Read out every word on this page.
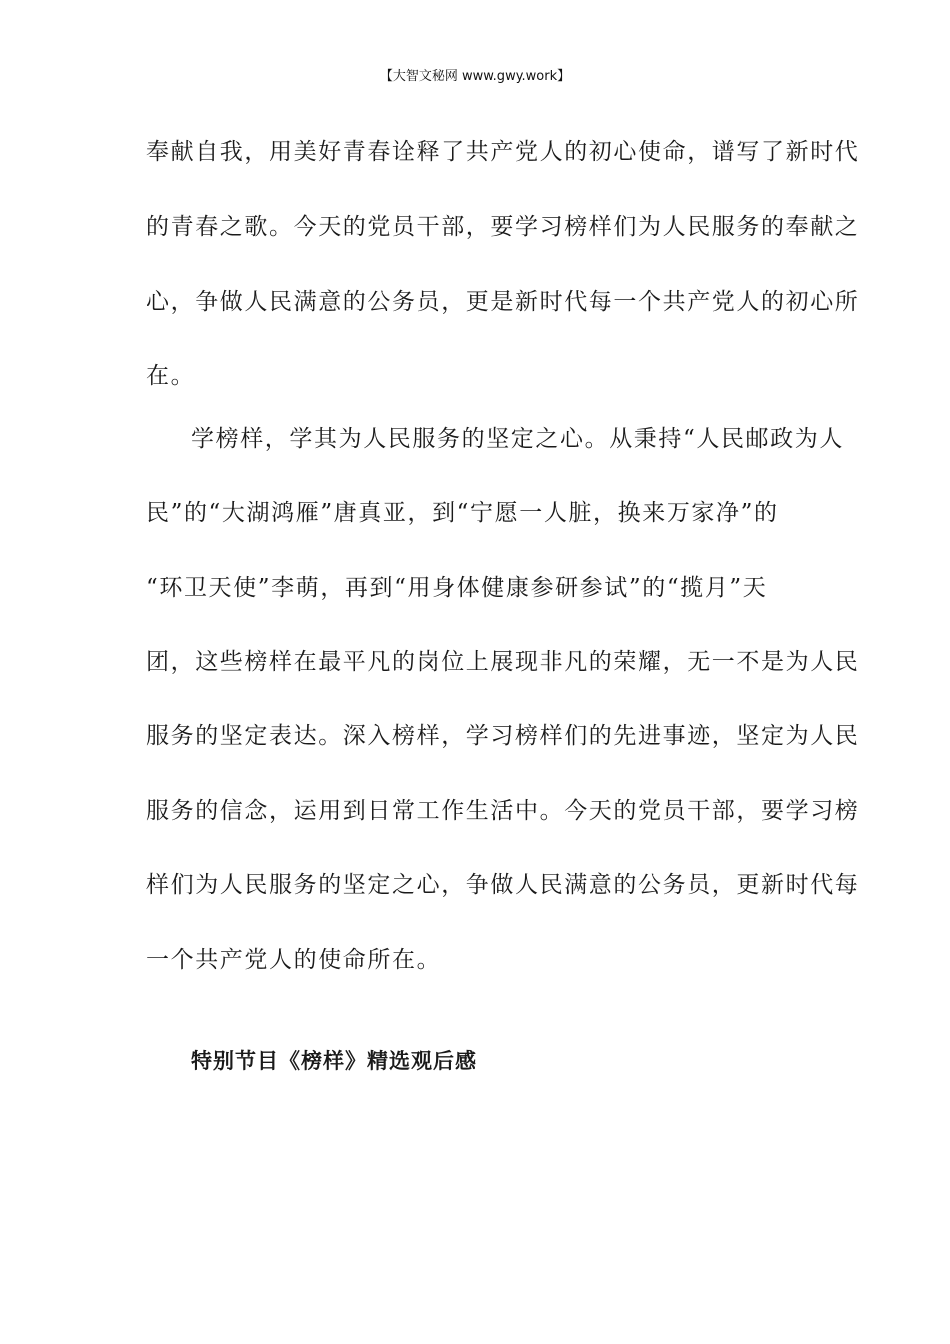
【大智文秘网 www.gwy.work】
奉献自我，用美好青春诠释了共产党人的初心使命，谱写了新时代
的青春之歌。今天的党员干部，要学习榜样们为人民服务的奉献之
心，争做人民满意的公务员，更是新时代每一个共产党人的初心所
在。
学榜样，学其为人民服务的坚定之心。从秉持“人民邮政为人
民”的“大湖鸿雁”唐真亚，到“宁愿一人脏，换来万家净”的
“环卫天使”李萌，再到“用身体健康参研参试”的“揽月”天
团，这些榜样在最平凡的岗位上展现非凡的荣耀，无一不是为人民
服务的坚定表达。深入榜样，学习榜样们的先进事迹，坚定为人民
服务的信念，运用到日常工作生活中。今天的党员干部，要学习榜
样们为人民服务的坚定之心，争做人民满意的公务员，更新时代每
一个共产党人的使命所在。
特别节目《榜样》精选观后感
